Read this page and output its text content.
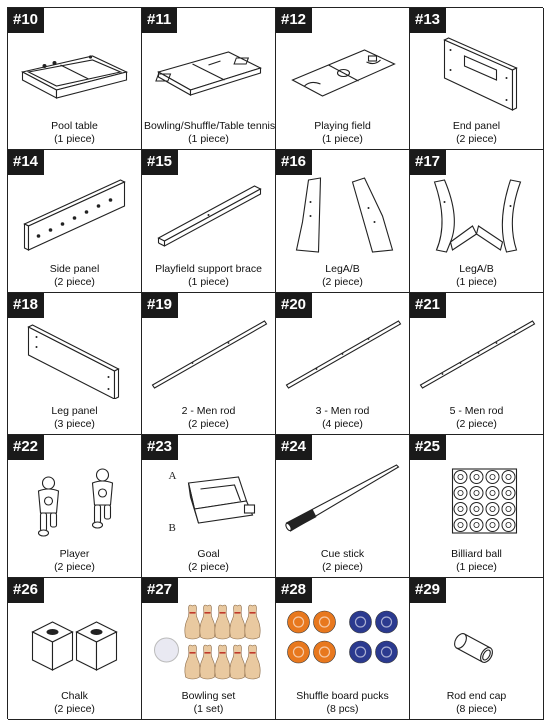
#10
Pool table
(1 piece)
#11
Bowling/Shuffle/Table tennis
(1 piece)
#12
Playing field
(1 piece)
#13
End panel
(2 piece)
#14
Side panel
(2 piece)
#15
Playfield support brace
(1 piece)
#16
LegA/B
(2 piece)
#17
LegA/B
(1 piece)
#18
Leg panel
(3 piece)
#19
2 - Men rod
(2 piece)
#20
3 - Men rod
(4 piece)
#21
5 - Men rod
(2 piece)
#22
Player
(2 piece)
#23
A
B
Goal
(2 piece)
#24
Cue stick
(2 piece)
#25
Billiard ball
(1 piece)
#26
Chalk
(2 piece)
#27
Bowling set
(1 set)
#28
Shuffle board pucks
(8 pcs)
#29
Rod end cap
(8 piece)
